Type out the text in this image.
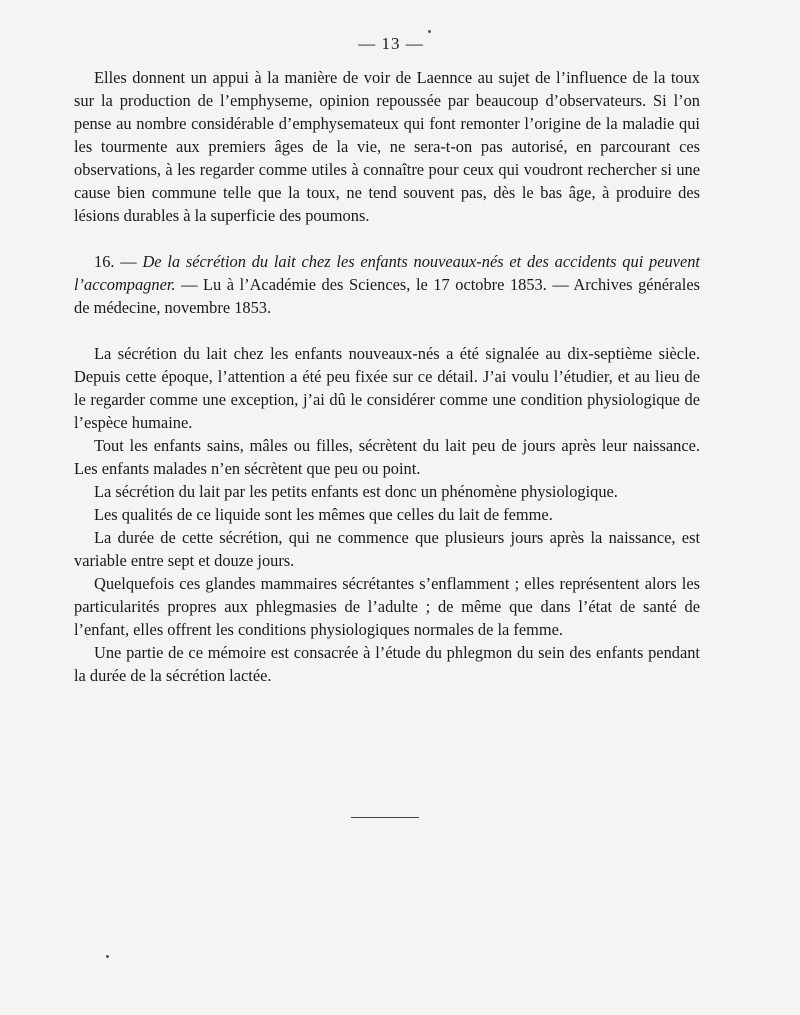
— 13 —

Elles donnent un appui à la manière de voir de Laennce au sujet de l’influence de la toux sur la production de l’emphyseme, opinion repoussée par beaucoup d’observateurs. Si l’on pense au nombre considérable d’emphysemateux qui font remonter l’origine de la maladie qui les tourmente aux premiers âges de la vie, ne sera-t-on pas autorisé, en parcourant ces observations, à les regarder comme utiles à connaître pour ceux qui voudront rechercher si une cause bien commune telle que la toux, ne tend souvent pas, dès le bas âge, à produire des lésions durables à la superficie des poumons.

16. — De la sécrétion du lait chez les enfants nouveaux-nés et des accidents qui peuvent l’accompagner. — Lu à l’Académie des Sciences, le 17 octobre 1853. — Archives générales de médecine, novembre 1853.

La sécrétion du lait chez les enfants nouveaux-nés a été signalée au dix-septième siècle. Depuis cette époque, l’attention a été peu fixée sur ce détail. J’ai voulu l’étudier, et au lieu de le regarder comme une exception, j’ai dû le considérer comme une condition physiologique de l’espèce humaine.

Tout les enfants sains, mâles ou filles, sécrètent du lait peu de jours après leur naissance. Les enfants malades n’en sécrètent que peu ou point.

La sécrétion du lait par les petits enfants est donc un phénomène physiologique.

Les qualités de ce liquide sont les mêmes que celles du lait de femme.

La durée de cette sécrétion, qui ne commence que plusieurs jours après la naissance, est variable entre sept et douze jours.

Quelquefois ces glandes mammaires sécrétantes s’enflamment ; elles représentent alors les particularités propres aux phlegmasies de l’adulte ; de même que dans l’état de santé de l’enfant, elles offrent les conditions physiologiques normales de la femme.

Une partie de ce mémoire est consacrée à l’étude du phlegmon du sein des enfants pendant la durée de la sécrétion lactée.
